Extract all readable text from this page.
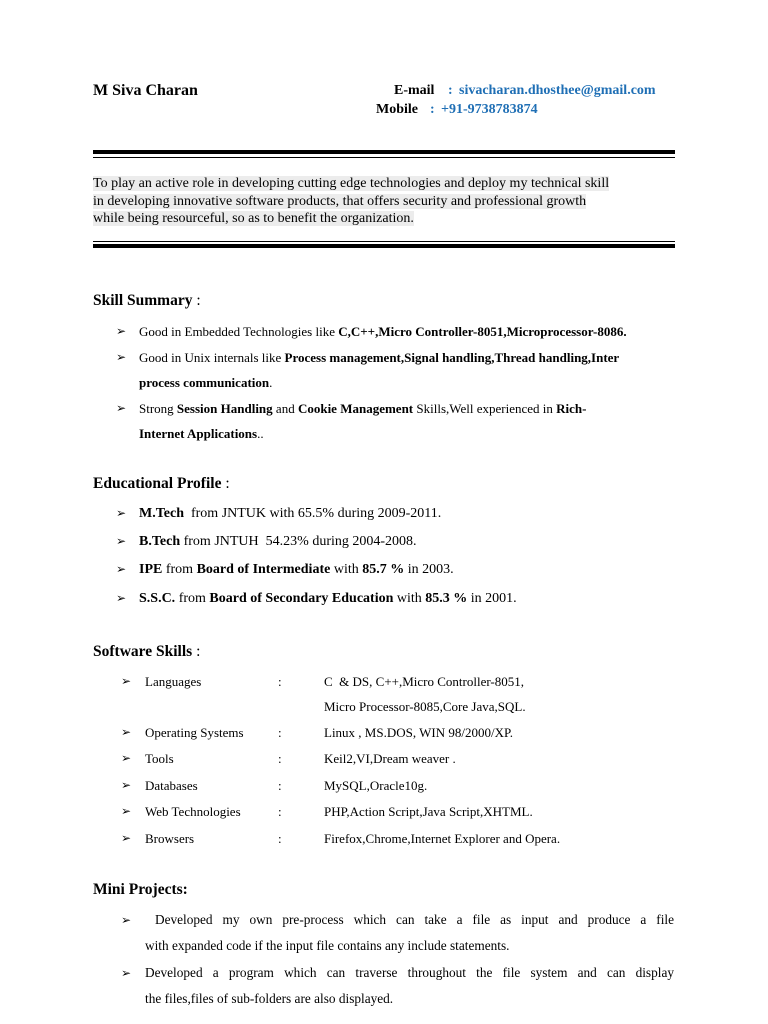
M Siva Charan	E-mail : sivacharan.dhosthee@gmail.com
Mobile : +91-9738783874
To play an active role in developing cutting edge technologies and deploy my technical skill
in developing innovative software products, that offers security and professional growth
while being resourceful, so as to benefit the organization.
Skill Summary :
➢ Good in Embedded Technologies like C,C++,Micro Controller-8051,Microprocessor-8086.
➢ Good in Unix internals like Process management,Signal handling,Thread handling,Inter
process communication.
➢ Strong Session Handling and Cookie Management Skills,Well experienced in Rich-
Internet Applications..
Educational Profile :
➢ M.Tech  from JNTUK with 65.5% during 2009-2011.
➢ B.Tech from JNTUH  54.23% during 2004-2008.
➢ IPE from Board of Intermediate with 85.7 % in 2003.
➢ S.S.C. from Board of Secondary Education with 85.3 % in 2001.
Software Skills :
➢ Languages	:	C  & DS, C++,Micro Controller-8051,
Micro Processor-8085,Core Java,SQL.
➢ Operating Systems	:	Linux , MS.DOS, WIN 98/2000/XP.
➢ Tools	:	Keil2,VI,Dream weaver .
➢ Databases	:	MySQL,Oracle10g.
➢ Web Technologies	:	PHP,Action Script,Java Script,XHTML.
➢ Browsers	:	Firefox,Chrome,Internet Explorer and Opera.
Mini Projects:
➢ Developed my own pre-process which can take a file as input and produce a file
with expanded code if the input file contains any include statements.
➢ Developed a program which can traverse throughout the file system and can display
the files,files of sub-folders are also displayed.
